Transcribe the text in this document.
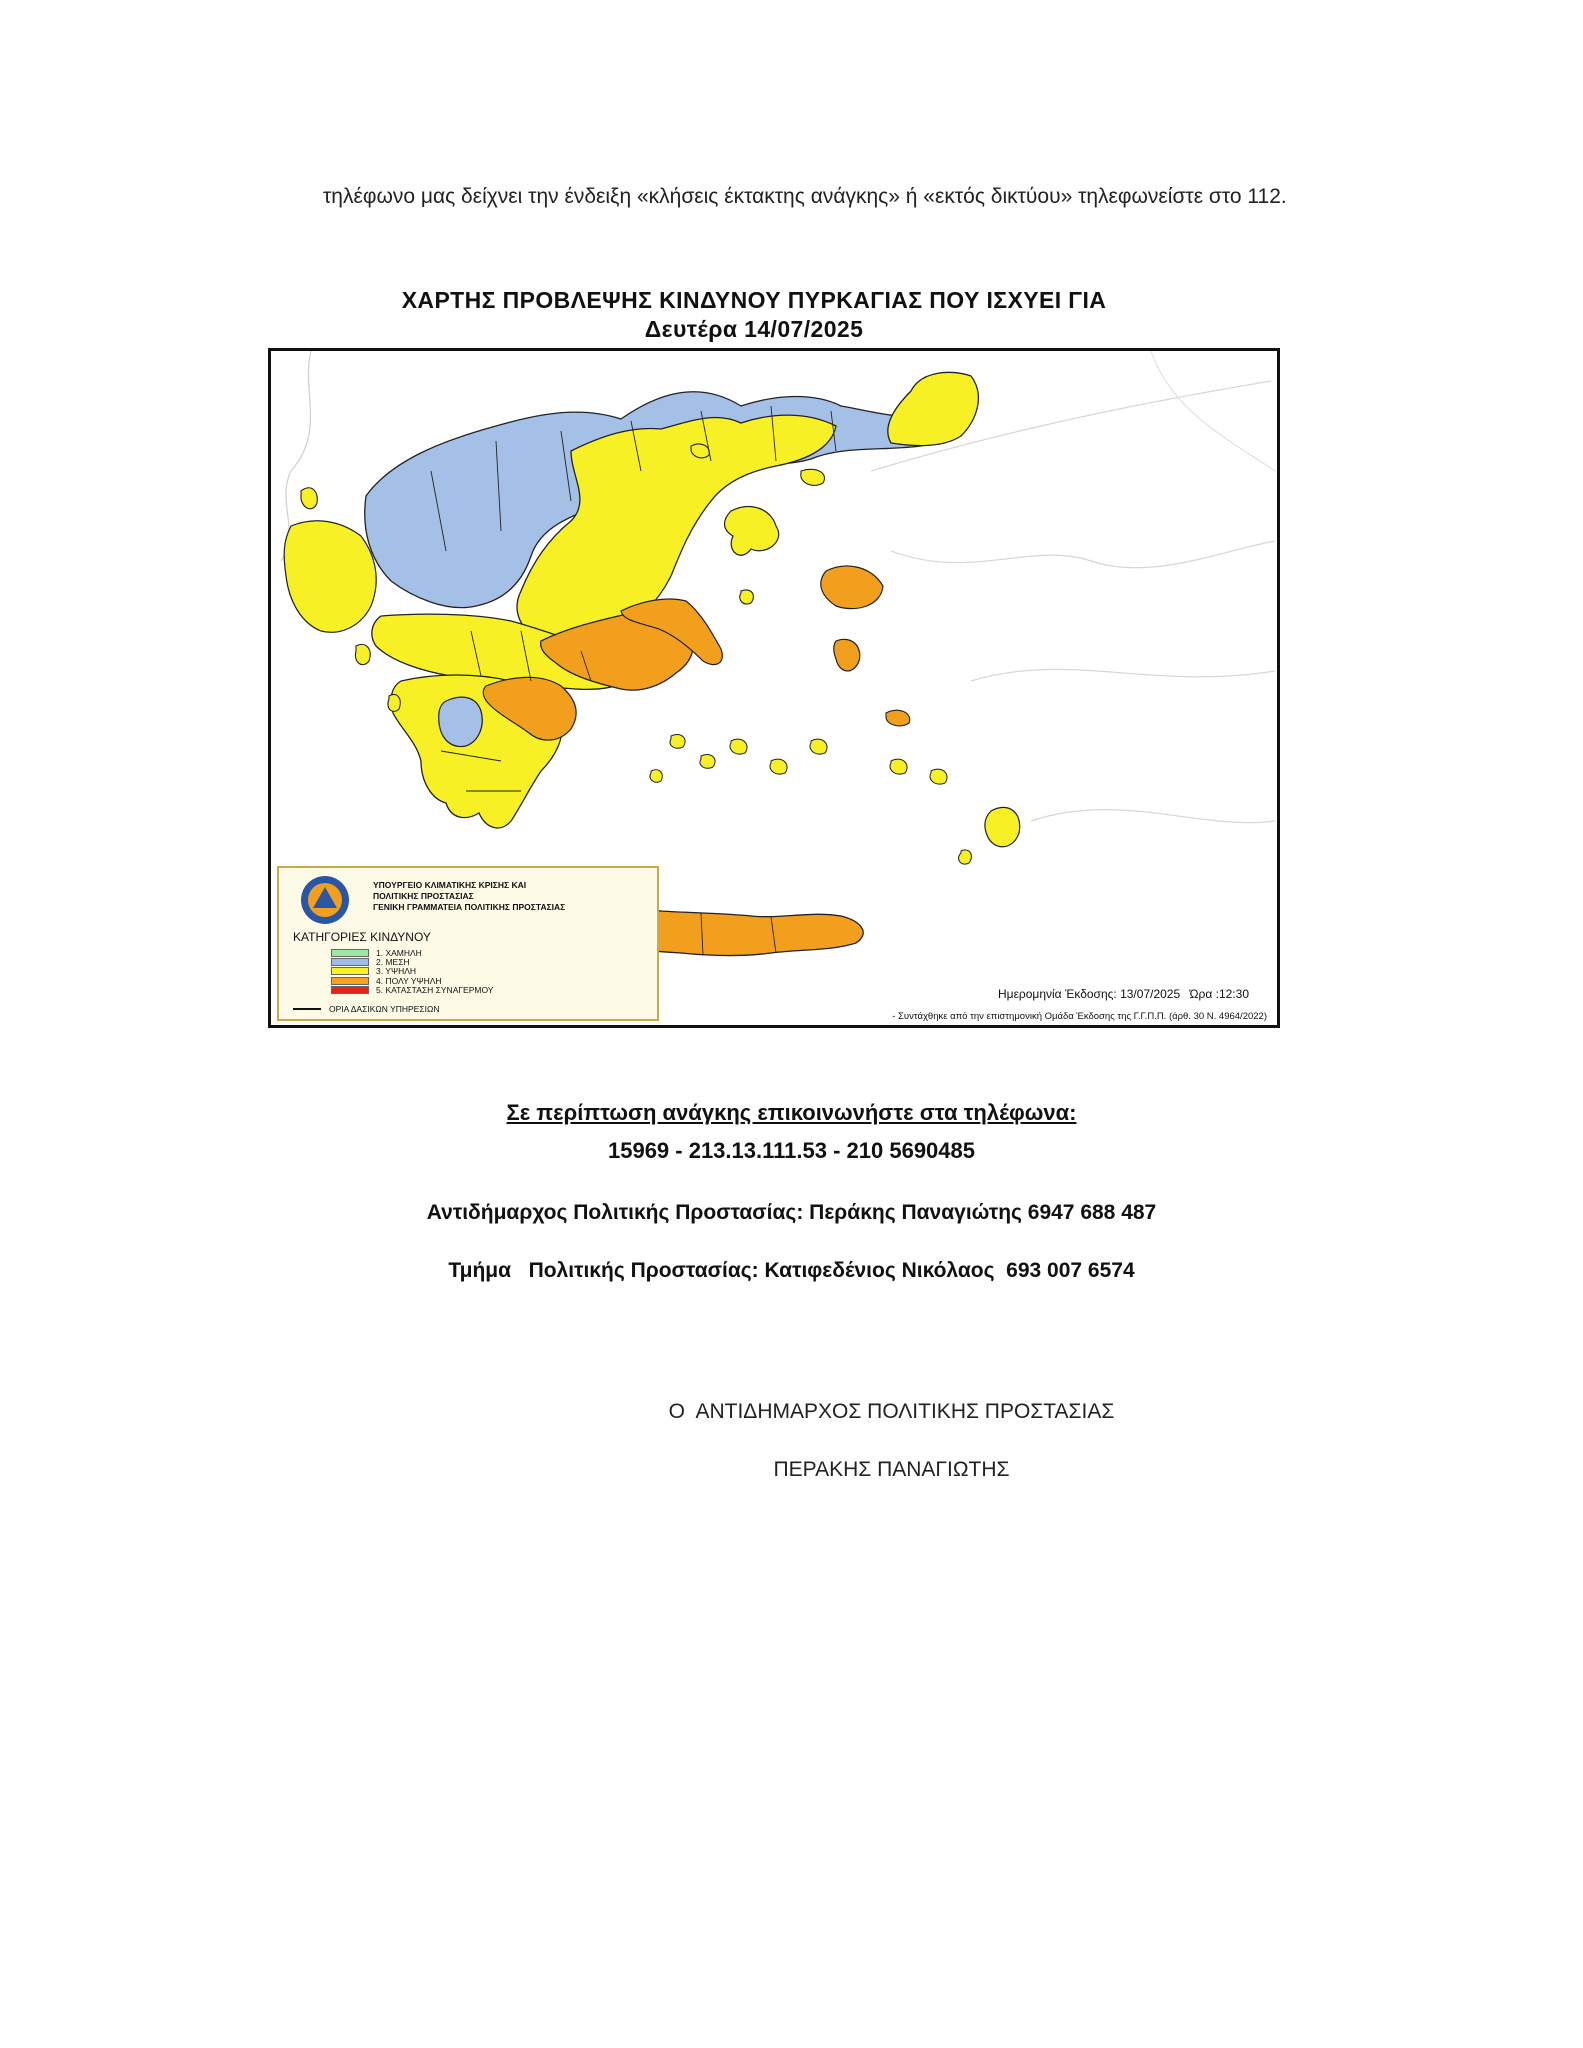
τηλέφωνο μας δείχνει την ένδειξη «κλήσεις έκτακτης ανάγκης» ή «εκτός δικτύου» τηλεφωνείστε στο 112.
ΧΑΡΤΗΣ ΠΡΟΒΛΕΨΗΣ ΚΙΝΔΥΝΟΥ ΠΥΡΚΑΓΙΑΣ ΠΟΥ ΙΣΧΥΕΙ ΓΙΑ
Δευτέρα 14/07/2025
ΥΠΟΥΡΓΕΙΟ ΚΛΙΜΑΤΙΚΗΣ ΚΡΙΣΗΣ ΚΑΙ
ΠΟΛΙΤΙΚΗΣ ΠΡΟΣΤΑΣΙΑΣ
ΓΕΝΙΚΗ ΓΡΑΜΜΑΤΕΙΑ ΠΟΛΙΤΙΚΗΣ ΠΡΟΣΤΑΣΙΑΣ
ΚΑΤΗΓΟΡΙΕΣ ΚΙΝΔΥΝΟΥ
1. ΧΑΜΗΛΗ
2. ΜΕΣΗ
3. ΥΨΗΛΗ
4. ΠΟΛΥ ΥΨΗΛΗ
5. ΚΑΤΑΣΤΑΣΗ ΣΥΝΑΓΕΡΜΟΥ
ΟΡΙΑ ΔΑΣΙΚΩΝ ΥΠΗΡΕΣΙΩΝ
Ημερομηνία Έκδοσης: 13/07/2025 Ώρα :12:30
- Συντάχθηκε από την επιστημονική Ομάδα Έκδοσης της Γ.Γ.Π.Π. (άρθ. 30 Ν. 4964/2022)
Σε περίπτωση ανάγκης επικοινωνήστε στα τηλέφωνα:
15969 - 213.13.111.53 - 210 5690485
Αντιδήμαρχος Πολιτικής Προστασίας: Περάκης Παναγιώτης 6947 688 487
Τμήμα   Πολιτικής Προστασίας: Κατιφεδένιος Νικόλαος  693 007 6574
Ο  ΑΝΤΙΔΗΜΑΡΧΟΣ ΠΟΛΙΤΙΚΗΣ ΠΡΟΣΤΑΣΙΑΣ
ΠΕΡΑΚΗΣ ΠΑΝΑΓΙΩΤΗΣ
